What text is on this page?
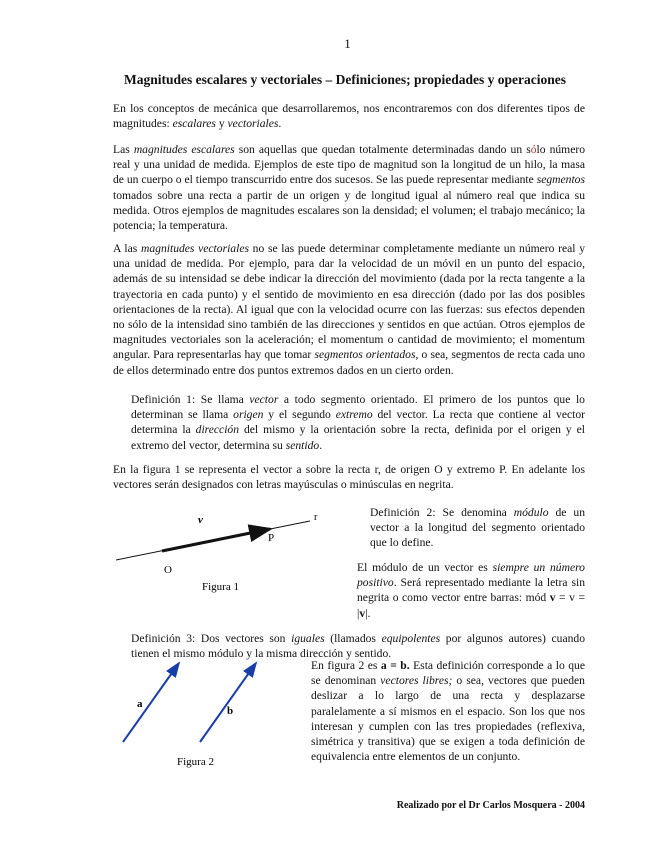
1
Magnitudes escalares y vectoriales – Definiciones; propiedades y operaciones

En los conceptos de mecánica que desarrollaremos, nos encontraremos con dos diferentes tipos de magnitudes: escalares y vectoriales.

Las magnitudes escalares son aquellas que quedan totalmente determinadas dando un sólo número real y una unidad de medida. Ejemplos de este tipo de magnitud son la longitud de un hilo, la masa de un cuerpo o el tiempo transcurrido entre dos sucesos. Se las puede representar mediante segmentos tomados sobre una recta a partir de un origen y de longitud igual al número real que indica su medida. Otros ejemplos de magnitudes escalares son la densidad; el volumen; el trabajo mecánico; la potencia; la temperatura.

A las magnitudes vectoriales no se las puede determinar completamente mediante un número real y una unidad de medida. Por ejemplo, para dar la velocidad de un móvil en un punto del espacio, además de su intensidad se debe indicar la dirección del movimiento (dada por la recta tangente a la trayectoria en cada punto) y el sentido de movimiento en esa dirección (dado por las dos posibles orientaciones de la recta). Al igual que con la velocidad ocurre con las fuerzas: sus efectos dependen no sólo de la intensidad sino también de las direcciones y sentidos en que actúan. Otros ejemplos de magnitudes vectoriales son la aceleración; el momentum o cantidad de movimiento; el momentum angular. Para representarlas hay que tomar segmentos orientados, o sea, segmentos de recta cada uno de ellos determinado entre dos puntos extremos dados en un cierto orden.

Definición 1: Se llama vector a todo segmento orientado. El primero de los puntos que lo determinan se llama origen y el segundo extremo del vector. La recta que contiene al vector determina la dirección del mismo y la orientación sobre la recta, definida por el origen y el extremo del vector, determina su sentido.

En la figura 1 se representa el vector a sobre la recta r, de origen O y extremo P. En adelante los vectores serán designados con letras mayúsculas o minúsculas en negrita.

v	r
P
O
Figura 1

Definición 2: Se denomina módulo de un vector a la longitud del segmento orientado que lo define.

El módulo de un vector es siempre un número positivo. Será representado mediante la letra sin negrita o como vector entre barras: mód v = v = |v|.

Definición 3: Dos vectores son iguales (llamados equipolentes por algunos autores) cuando tienen el mismo módulo y la misma dirección y sentido.

a
b
Figura 2

En figura 2 es a = b. Esta definición corresponde a lo que se denominan vectores libres; o sea, vectores que pueden deslizar a lo largo de una recta y desplazarse paralelamente a sí mismos en el espacio. Son los que nos interesan y cumplen con las tres propiedades (reflexiva, simétrica y transitiva) que se exigen a toda definición de equivalencia entre elementos de un conjunto.

Realizado por el Dr Carlos Mosquera - 2004
